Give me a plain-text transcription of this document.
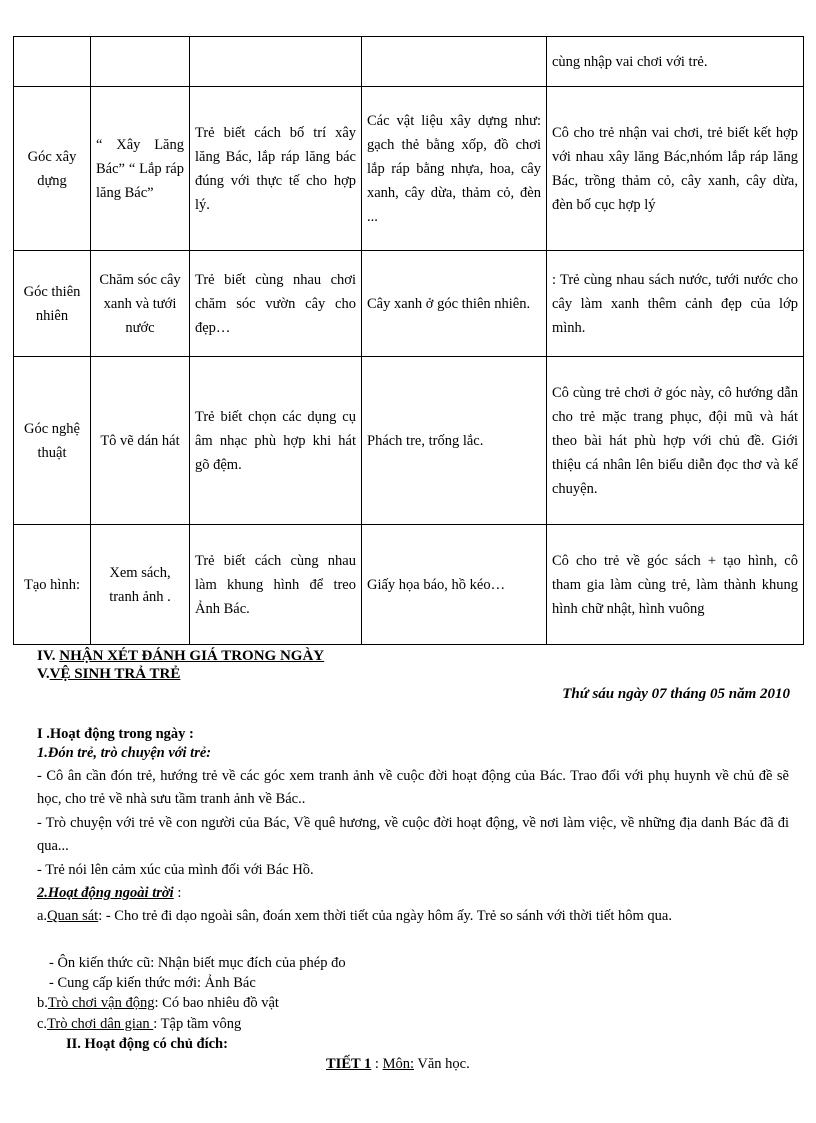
				cùng nhập vai chơi với trẻ.
Góc xây dựng	“ Xây Lăng Bác” “ Lắp ráp lăng Bác”	Trẻ biết cách bố trí xây lăng Bác, lắp ráp lăng bác đúng với thực tế cho hợp lý.	Các vật liệu xây dựng như: gạch thẻ bằng xốp, đồ chơi lắp ráp bằng nhựa, hoa, cây xanh, cây dừa, thảm cỏ, đèn ...	Cô cho trẻ nhận vai chơi, trẻ biết kết hợp với nhau xây lăng Bác,nhóm lắp ráp lăng Bác, trồng thảm cỏ, cây xanh, cây dừa, đèn bố cục hợp lý
Góc thiên nhiên	Chăm sóc cây xanh và tưới nước	Trẻ biết cùng nhau chơi chăm sóc vườn cây cho đẹp…	Cây xanh ở góc thiên nhiên.	: Trẻ cùng nhau sách nước, tưới nước cho cây làm xanh thêm cảnh đẹp của lớp mình.
Góc nghệ thuật	Tô vẽ dán hát	Trẻ biết chọn các dụng cụ âm nhạc phù hợp khi hát gõ đệm.	Phách tre, trống lắc.	Cô cùng trẻ chơi ở góc này, cô hướng dẫn cho trẻ mặc trang phục, đội mũ và hát theo bài hát phù hợp với chủ đề. Giới thiệu cá nhân lên biểu diễn đọc thơ và kể chuyện.
Tạo hình:	Xem sách, tranh ảnh .	Trẻ biết cách cùng nhau làm khung hình để treo Ảnh Bác.	Giấy họa báo, hồ kéo…	Cô cho trẻ về góc sách + tạo hình, cô tham gia làm cùng trẻ, làm thành khung hình chữ nhật, hình vuông
IV. NHẬN XÉT ĐÁNH GIÁ TRONG NGÀY
V.VỆ SINH TRẢ TRẺ
Thứ sáu ngày 07 tháng 05 năm 2010
I .Hoạt động trong ngày :
1.Đón trẻ, trò chuyện với trẻ:
- Cô ân cần đón trẻ, hướng trẻ về các góc xem tranh ảnh về cuộc đời hoạt động của Bác. Trao đổi với phụ huynh về chủ đề sẽ học, cho trẻ về nhà sưu tầm tranh ảnh về Bác..
- Trò chuyện với trẻ về con người của Bác, Về quê hương, về cuộc đời hoạt động, về nơi làm việc, về những địa danh Bác đã đi qua...
- Trẻ nói lên cảm xúc của mình đối với Bác Hồ.
2.Hoạt động ngoài trời :
a.Quan sát: - Cho trẻ đi dạo ngoài sân, đoán xem thời tiết của ngày hôm ấy. Trẻ so sánh với thời tiết hôm qua.
- Ôn kiến thức cũ: Nhận biết mục đích của phép đo
- Cung cấp kiến thức mới: Ảnh Bác
b.Trò chơi vận động: Có bao nhiêu đồ vật
c.Trò chơi dân gian : Tập tầm vông
II. Hoạt động có chủ đích:
TIẾT 1 : Môn: Văn học.
